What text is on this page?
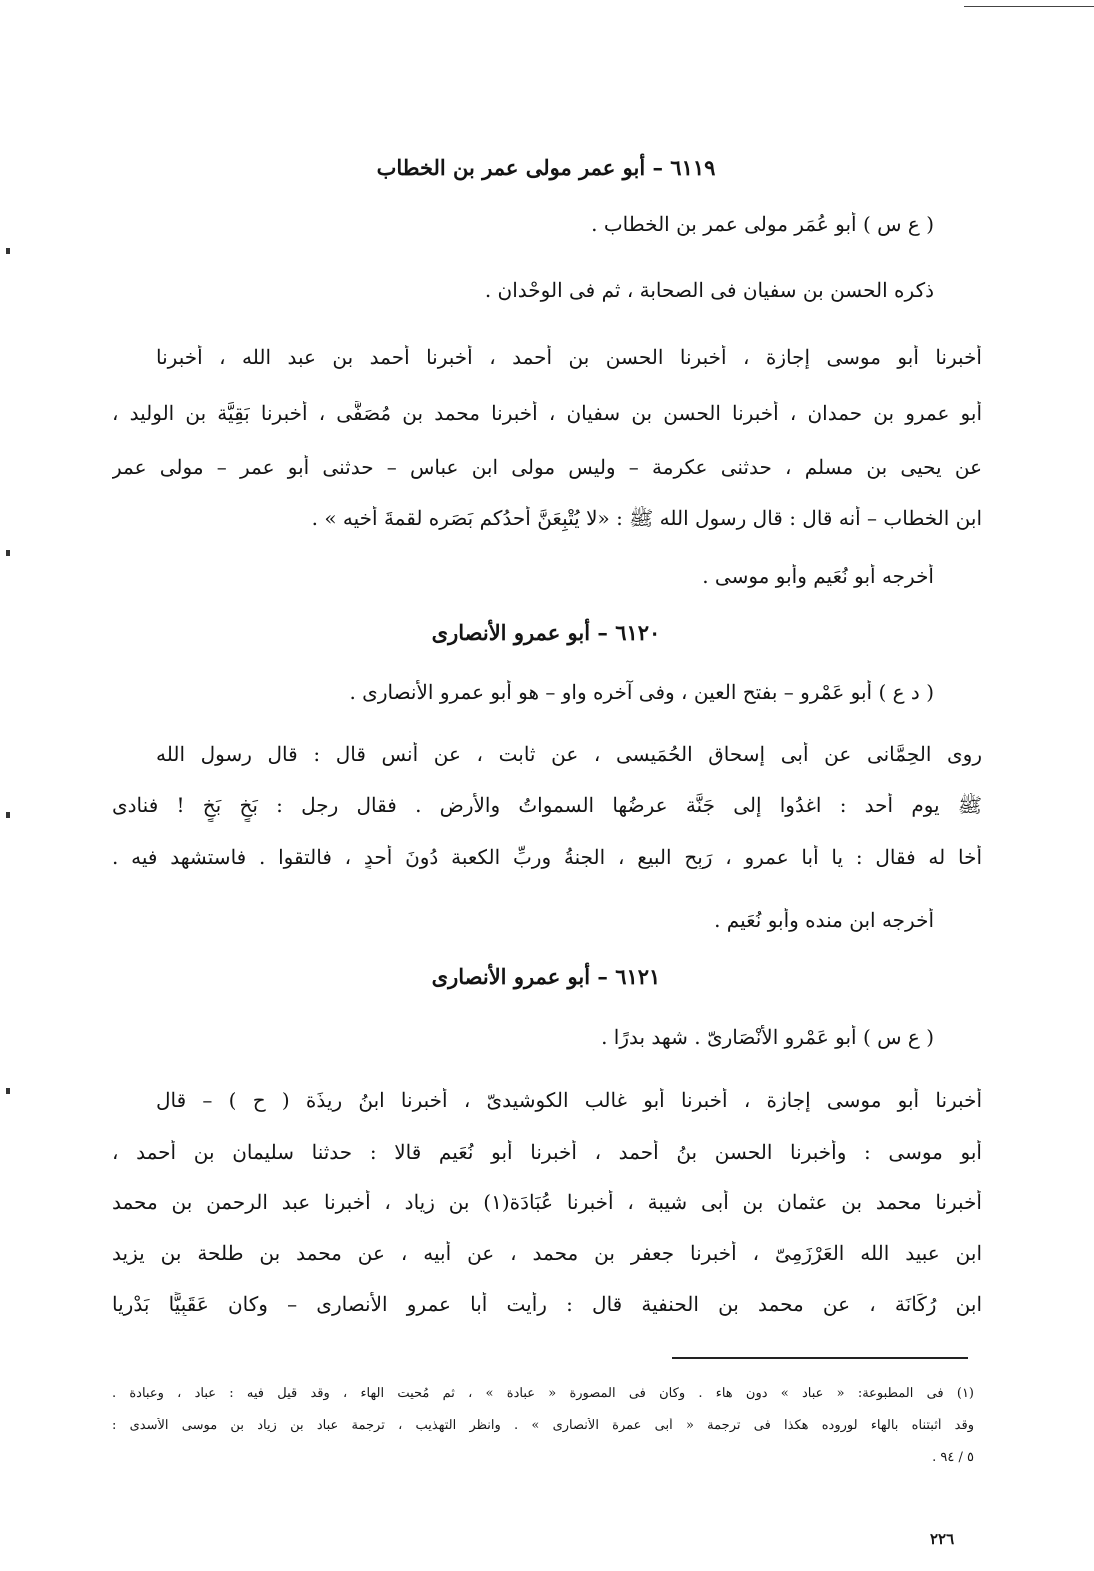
٦١١٩ – أبو عمر مولى عمر بن الخطاب
( ع س ) أبو عُمَر مولى عمر بن الخطاب .
ذكره الحسن بن سفيان فى الصحابة ، ثم فى الوِحْدان .
أخبرنا أبو موسى إجازة ، أخبرنا الحسن بن أحمد ، أخبرنا أحمد بن عبد الله ، أخبرنا
أبو عمرو بن حمدان ، أخبرنا الحسن بن سفيان ، أخبرنا محمد بن مُصَفَّى ، أخبرنا بَقِيَّة بن الوليد ،
عن يحيى بن مسلم ، حدثنى عكرمة – وليس مولى ابن عباس – حدثنى أبو عمر – مولى عمر
ابن الخطاب – أنه قال : قال رسول الله ﷺ : «لا يُتْبِعَنَّ أحدُكم بَصَره لقمةَ أخيه » .
أخرجه أبو نُعَيم وأبو موسى .
٦١٢٠ – أبو عمرو الأنصارى
( د ع ) أبو عَمْرو – بفتح العين ، وفى آخره واو – هو أبو عمرو الأنصارى .
روى الحِمَّانى عن أبى إسحاق الحُمَيسى ، عن ثابت ، عن أنس قال : قال رسول الله
ﷺ يوم أحد : اغدُوا إلى جَنَّة عرضُها السمواتُ والأرض . فقال رجل : بَخٍ بَخٍ ! فنادى
أخا له فقال : يا أبا عمرو ، رَبِح البيع ، الجنةُ وربِّ الكعبة دُونَ أحدٍ ، فالتقوا . فاستشهد فيه .
أخرجه ابن منده وأبو نُعَيم .
٦١٢١ – أبو عمرو الأنصارى
( ع س ) أبو عَمْرو الأنْصَارِىّ . شهد بدرًا .
أخبرنا أبو موسى إجازة ، أخبرنا أبو غالب الكوشيدىّ ، أخبرنا ابنُ رِيذَة ( ح ) – قال
أبو موسى : وأخبرنا الحسن بنُ أحمد ، أخبرنا أبو نُعَيم قالا : حدثنا سليمان بن أحمد ،
أخبرنا محمد بن عثمان بن أبى شيبة ، أخبرنا عُبَادَة(١) بن زياد ، أخبرنا عبد الرحمن بن محمد
ابن عبيد الله العَرْزَمِىّ ، أخبرنا جعفر بن محمد ، عن أبيه ، عن محمد بن طلحة بن يزيد
ابن رُكَانَة ، عن محمد بن الحنفية قال : رأيت أبا عمرو الأنصارى – وكان عَقَبِيًّا بَدْرِيا
(١) فى المطبوعة: « عباد » دون هاء . وكان فى المصورة « عبادة » ، ثم مُحيت الهاء ، وقد قيل فيه : عباد ، وعبادة .
وقد أثبتناه بالهاء لوروده هكذا فى ترجمة « أبى عمرة الأنصارى » . وانظر التهذيب ، ترجمة عباد بن زياد بن موسى الأسدى :
٥ / ٩٤ .
٢٢٦
